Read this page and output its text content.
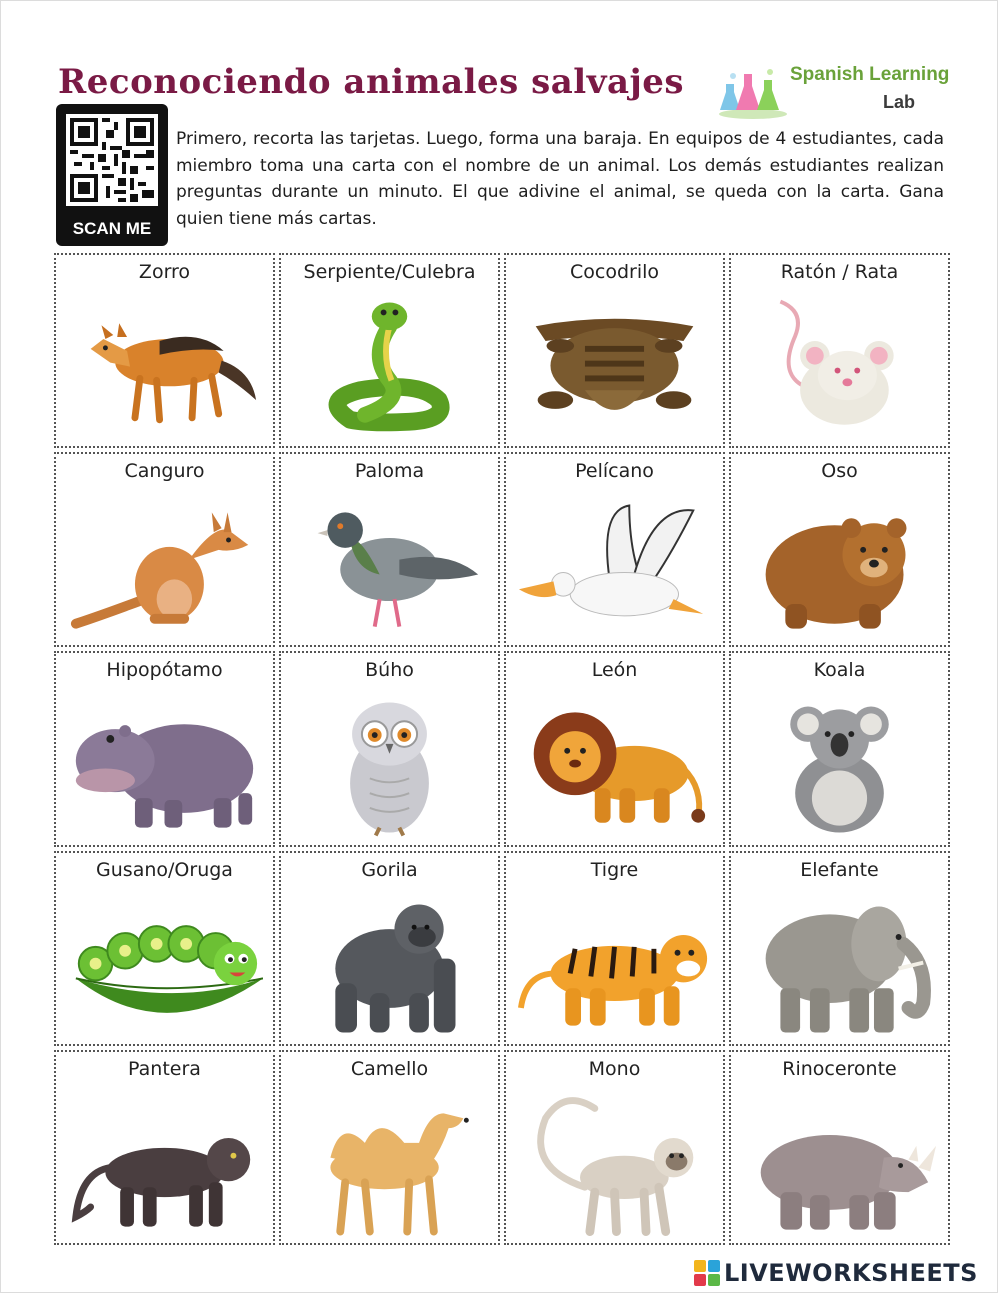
Reconociendo animales salvajes	Spanish Learning
Lab
SCAN ME

Primero, recorta las tarjetas. Luego, forma una baraja. En equipos de 4 estudiantes, cada miembro toma una carta con el nombre de un animal. Los demás estudiantes realizan preguntas durante un minuto. El que adivine el animal, se queda con la carta. Gana quien tiene más cartas.

Zorro	Serpiente/Culebra	Cocodrilo	Ratón / Rata
Canguro	Paloma	Pelícano	Oso
Hipopótamo	Búho	León	Koala
Gusano/Oruga	Gorila	Tigre	Elefante
Pantera	Camello	Mono	Rinoceronte
LIVEWORKSHEETS
